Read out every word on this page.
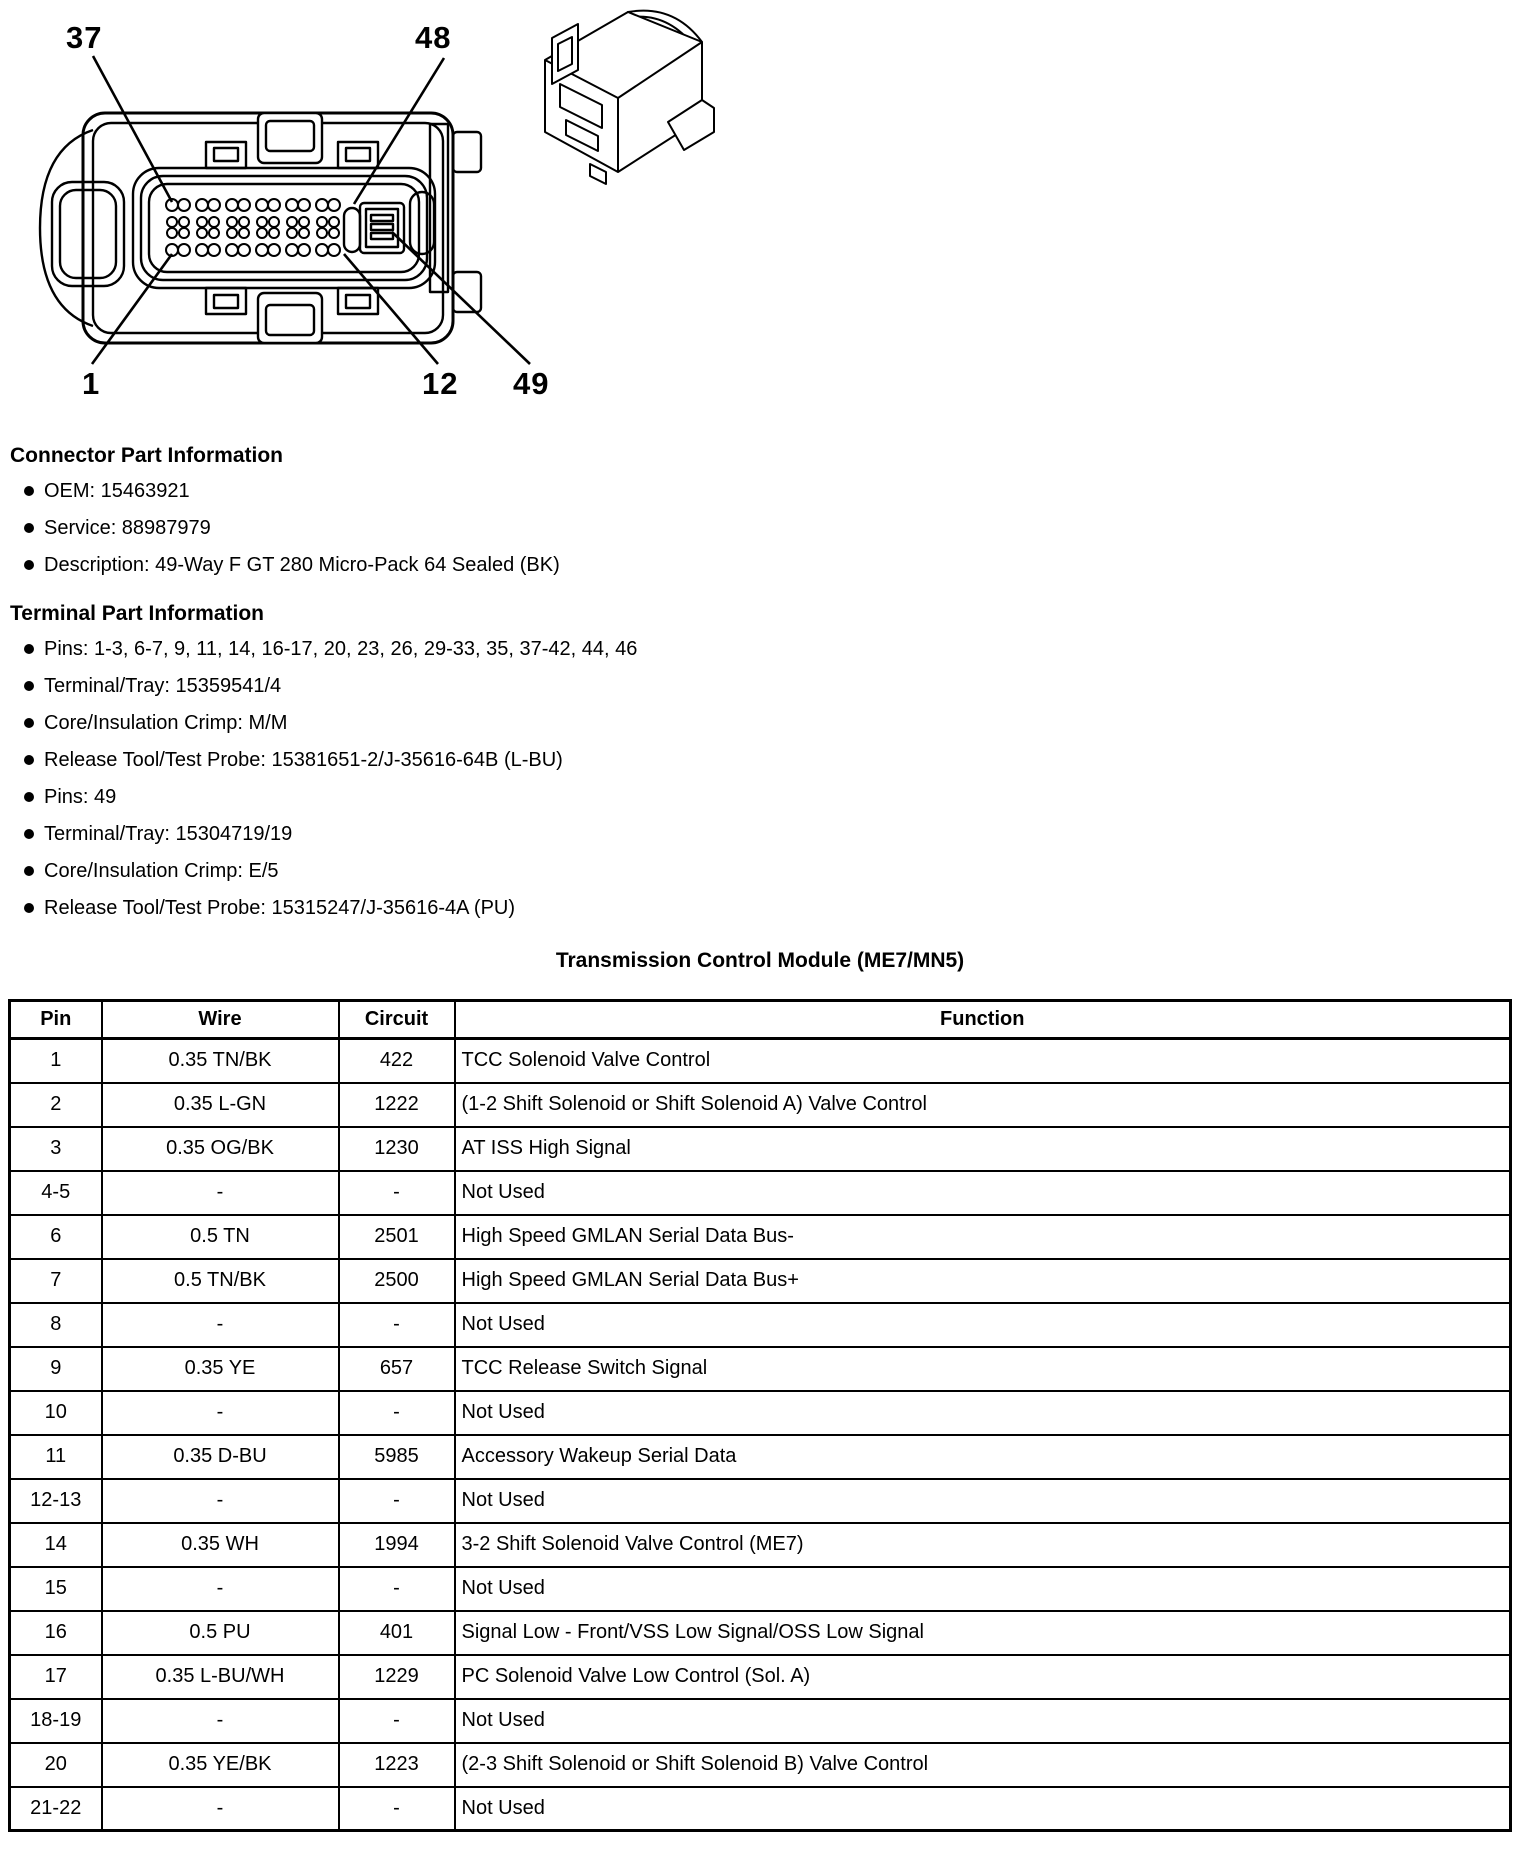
37	48
1	12 49
Connector Part Information
OEM: 15463921
Service: 88987979
Description: 49-Way F GT 280 Micro-Pack 64 Sealed (BK)
Terminal Part Information
Pins: 1-3, 6-7, 9, 11, 14, 16-17, 20, 23, 26, 29-33, 35, 37-42, 44, 46
Terminal/Tray: 15359541/4
Core/Insulation Crimp: M/M
Release Tool/Test Probe: 15381651-2/J-35616-64B (L-BU)
Pins: 49
Terminal/Tray: 15304719/19
Core/Insulation Crimp: E/5
Release Tool/Test Probe: 15315247/J-35616-4A (PU)
Transmission Control Module (ME7/MN5)
Pin	Wire	Circuit	Function
1	0.35 TN/BK	422	TCC Solenoid Valve Control
2	0.35 L-GN	1222	(1-2 Shift Solenoid or Shift Solenoid A) Valve Control
3	0.35 OG/BK	1230	AT ISS High Signal
4-5	-	-	Not Used
6	0.5 TN	2501	High Speed GMLAN Serial Data Bus-
7	0.5 TN/BK	2500	High Speed GMLAN Serial Data Bus+
8	-	-	Not Used
9	0.35 YE	657	TCC Release Switch Signal
10	-	-	Not Used
11	0.35 D-BU	5985	Accessory Wakeup Serial Data
12-13	-	-	Not Used
14	0.35 WH	1994	3-2 Shift Solenoid Valve Control (ME7)
15	-	-	Not Used
16	0.5 PU	401	Signal Low - Front/VSS Low Signal/OSS Low Signal
17	0.35 L-BU/WH	1229	PC Solenoid Valve Low Control (Sol. A)
18-19	-	-	Not Used
20	0.35 YE/BK	1223	(2-3 Shift Solenoid or Shift Solenoid B) Valve Control
21-22	-	-	Not Used
